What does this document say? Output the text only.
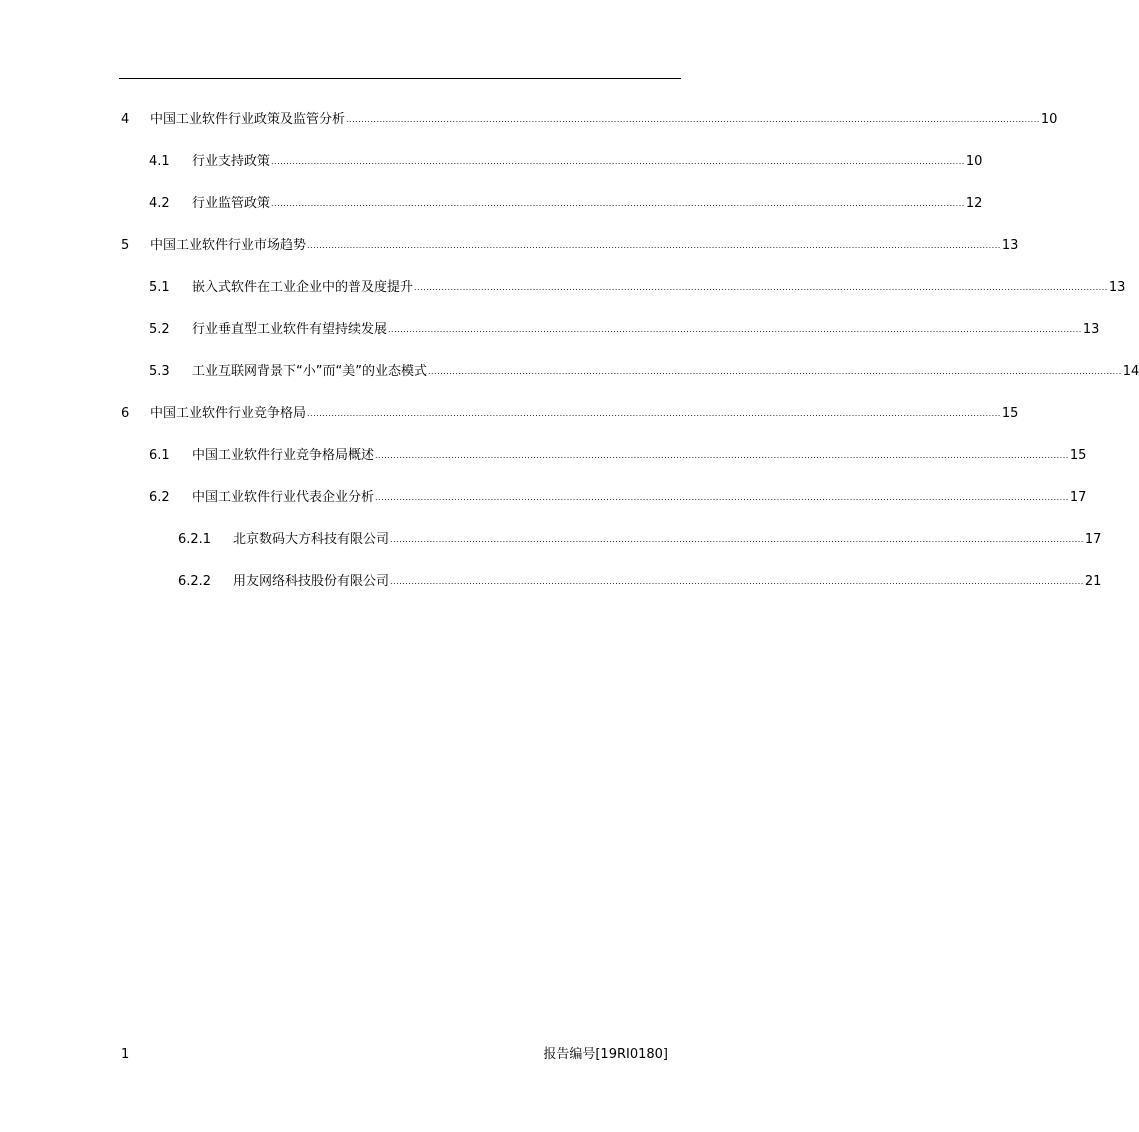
4	中国工业软件行业政策及监管分析 .................................................................................................................................................................................................................................... 10
4.1	行业支持政策 .................................................................................................................................................................................................................................... 10
4.2	行业监管政策 .................................................................................................................................................................................................................................... 12
5	中国工业软件行业市场趋势 .................................................................................................................................................................................................................................... 13
5.1	嵌入式软件在工业企业中的普及度提升 .................................................................................................................................................................................................................................... 13
5.2	行业垂直型工业软件有望持续发展 .................................................................................................................................................................................................................................... 13
5.3	工业互联网背景下“小”而“美”的业态模式 .................................................................................................................................................................................................................................... 14
6	中国工业软件行业竞争格局 .................................................................................................................................................................................................................................... 15
6.1	中国工业软件行业竞争格局概述 .................................................................................................................................................................................................................................... 15
6.2	中国工业软件行业代表企业分析 .................................................................................................................................................................................................................................... 17
6.2.1	北京数码大方科技有限公司 .................................................................................................................................................................................................................................... 17
6.2.2	用友网络科技股份有限公司 .................................................................................................................................................................................................................................... 21
1	报告编号[19RI0180]
